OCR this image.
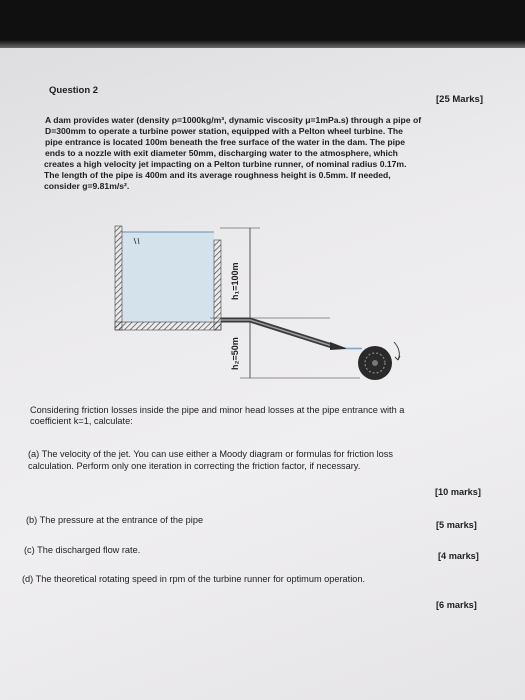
Question 2
[25 Marks]
A dam provides water (density ρ=1000kg/m³, dynamic viscosity μ=1mPa.s) through a pipe of
D=300mm to operate a turbine power station, equipped with a Pelton wheel turbine. The
pipe entrance is located 100m beneath the free surface of the water in the dam. The pipe
ends to a nozzle with exit diameter 50mm, discharging water to the atmosphere, which
creates a high velocity jet impacting on a Pelton turbine runner, of nominal radius 0.17m.
The length of the pipe is 400m and its average roughness height is 0.5mm. If needed,
consider g=9.81m/s².
h₁=100m
h₂=50m
Considering friction losses inside the pipe and minor head losses at the pipe entrance with a
coefficient k=1, calculate:
(a) The velocity of the jet. You can use either a Moody diagram or formulas for friction loss
calculation. Perform only one iteration in correcting the friction factor, if necessary.
[10 marks]
(b) The pressure at the entrance of the pipe	[5 marks]
(c) The discharged flow rate.
[4 marks]
(d) The theoretical rotating speed in rpm of the turbine runner for optimum operation.
[6 marks]
